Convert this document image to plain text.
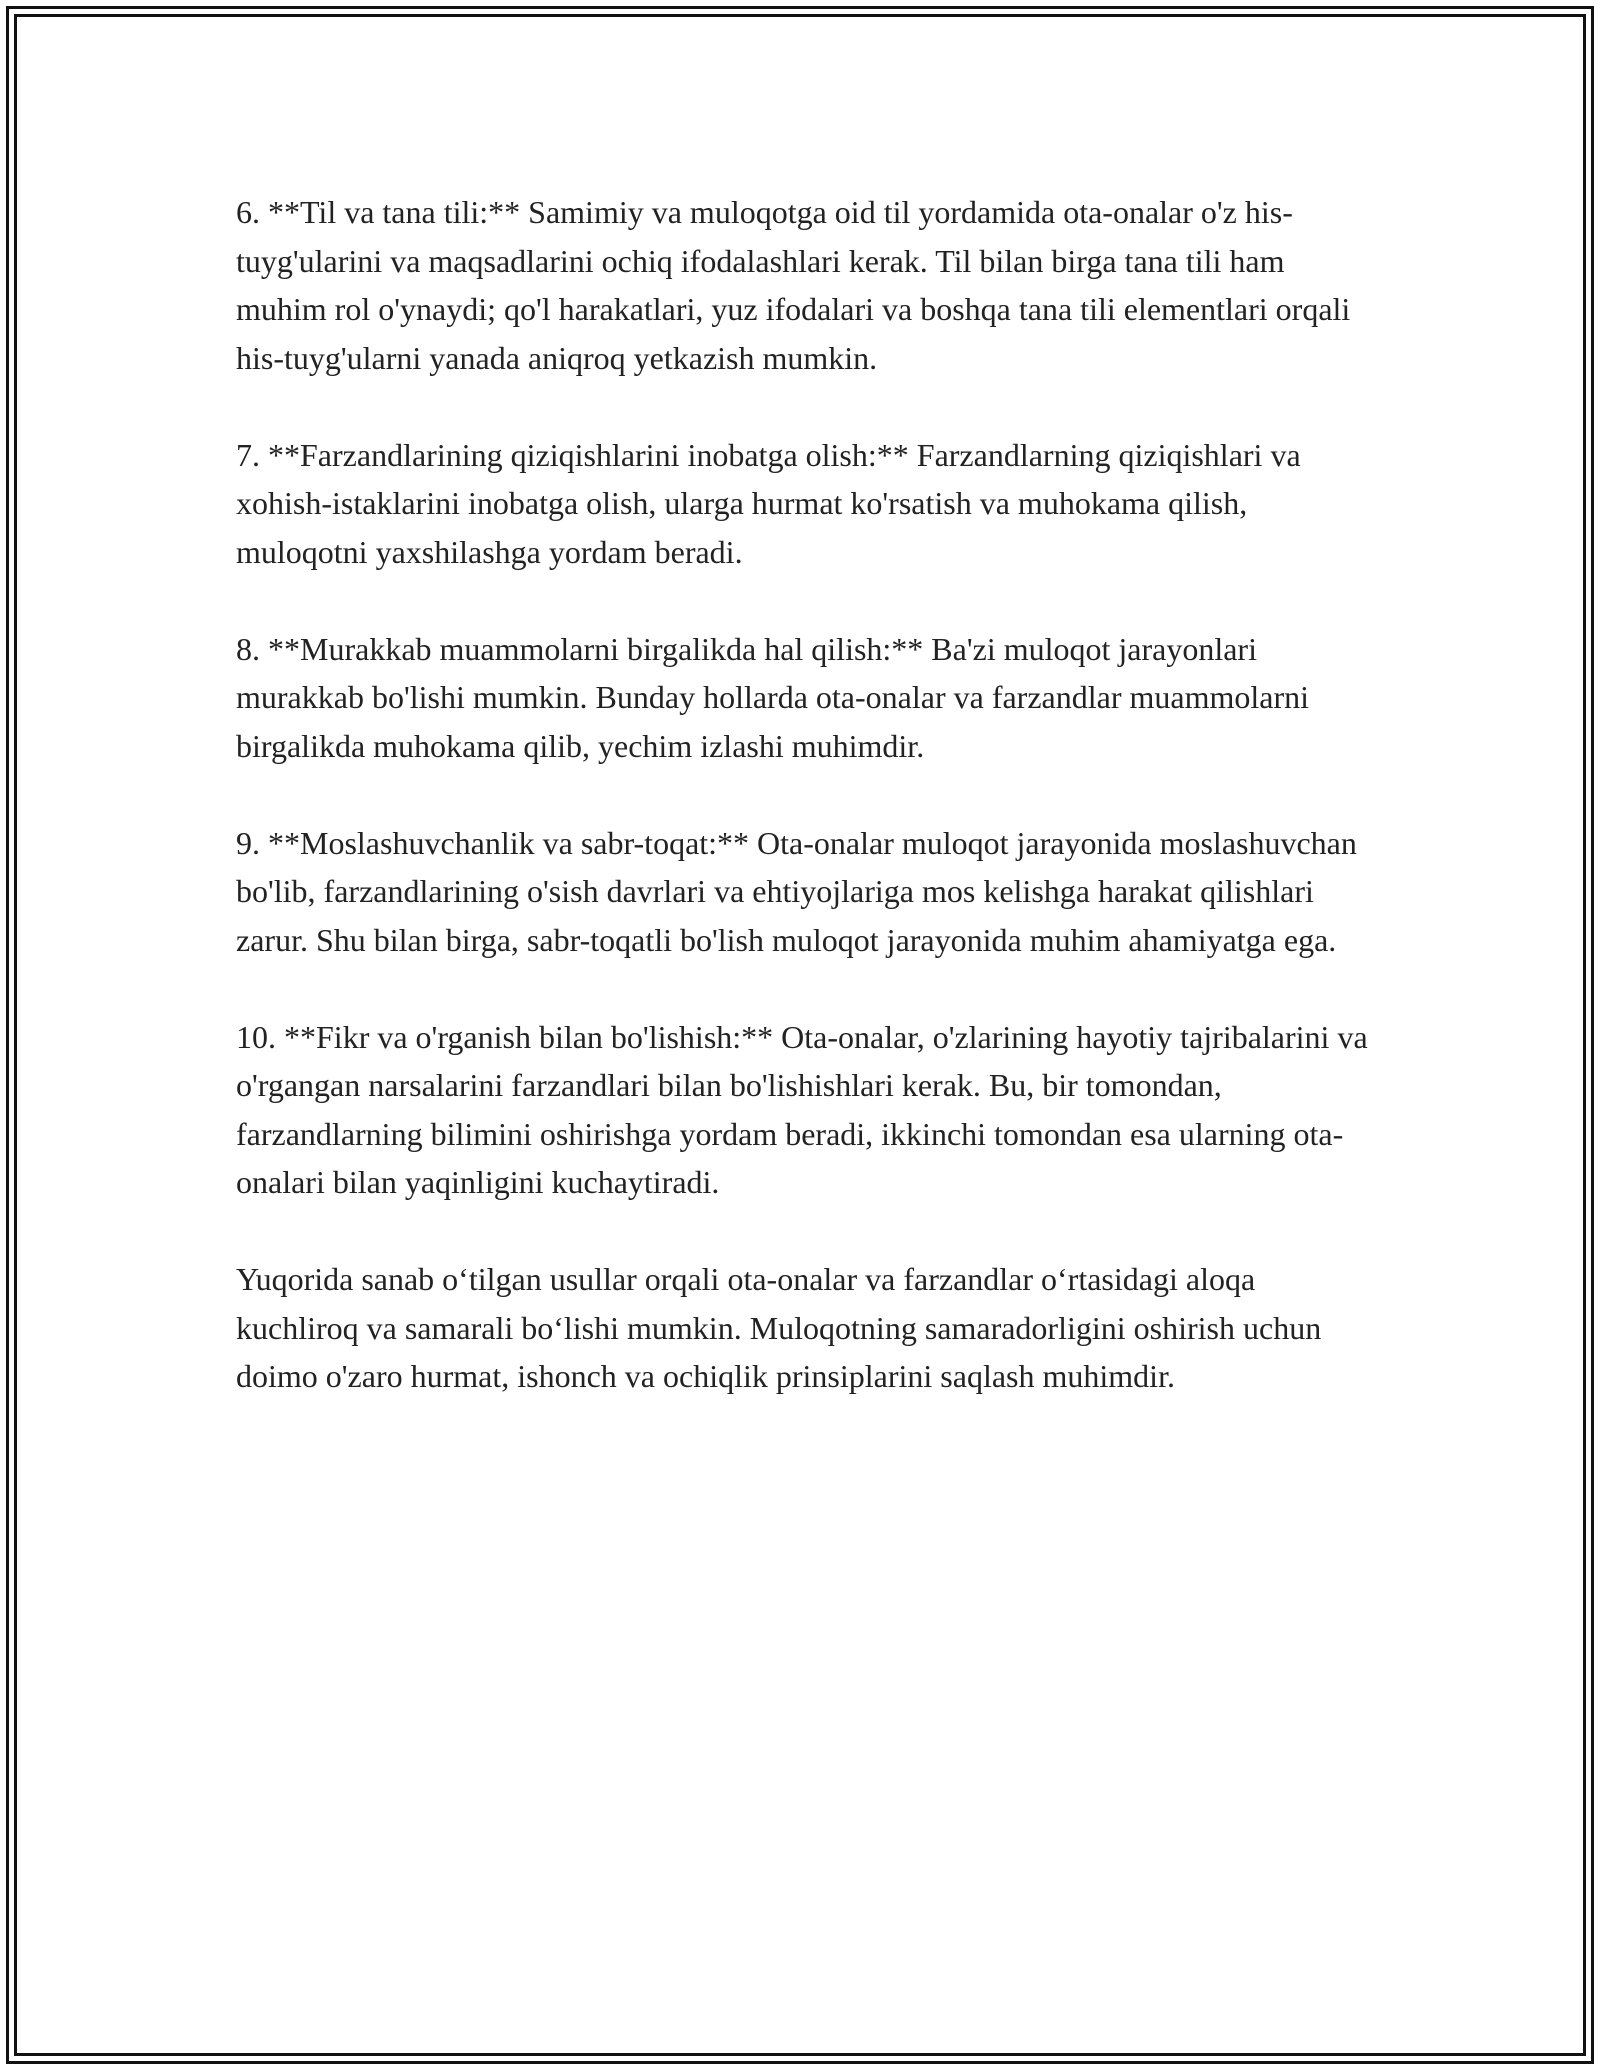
6. **Til va tana tili:** Samimiy va muloqotga oid til yordamida ota-onalar o'z his-tuyg'ularini va maqsadlarini ochiq ifodalashlari kerak. Til bilan birga tana tili ham muhim rol o'ynaydi; qo'l harakatlari, yuz ifodalari va boshqa tana tili elementlari orqali his-tuyg'ularni yanada aniqroq yetkazish mumkin.

7. **Farzandlarining qiziqishlarini inobatga olish:** Farzandlarning qiziqishlari va xohish-istaklarini inobatga olish, ularga hurmat ko'rsatish va muhokama qilish, muloqotni yaxshilashga yordam beradi.

8. **Murakkab muammolarni birgalikda hal qilish:** Ba'zi muloqot jarayonlari murakkab bo'lishi mumkin. Bunday hollarda ota-onalar va farzandlar muammolarni birgalikda muhokama qilib, yechim izlashi muhimdir.

9. **Moslashuvchanlik va sabr-toqat:** Ota-onalar muloqot jarayonida moslashuvchan bo'lib, farzandlarining o'sish davrlari va ehtiyojlariga mos kelishga harakat qilishlari zarur. Shu bilan birga, sabr-toqatli bo'lish muloqot jarayonida muhim ahamiyatga ega.

10. **Fikr va o'rganish bilan bo'lishish:** Ota-onalar, o'zlarining hayotiy tajribalarini va o'rgangan narsalarini farzandlari bilan bo'lishishlari kerak. Bu, bir tomondan, farzandlarning bilimini oshirishga yordam beradi, ikkinchi tomondan esa ularning ota-onalari bilan yaqinligini kuchaytiradi.

Yuqorida sanab o‘tilgan usullar orqali ota-onalar va farzandlar o‘rtasidagi aloqa kuchliroq va samarali bo‘lishi mumkin. Muloqotning samaradorligini oshirish uchun doimo o'zaro hurmat, ishonch va ochiqlik prinsiplarini saqlash muhimdir.
